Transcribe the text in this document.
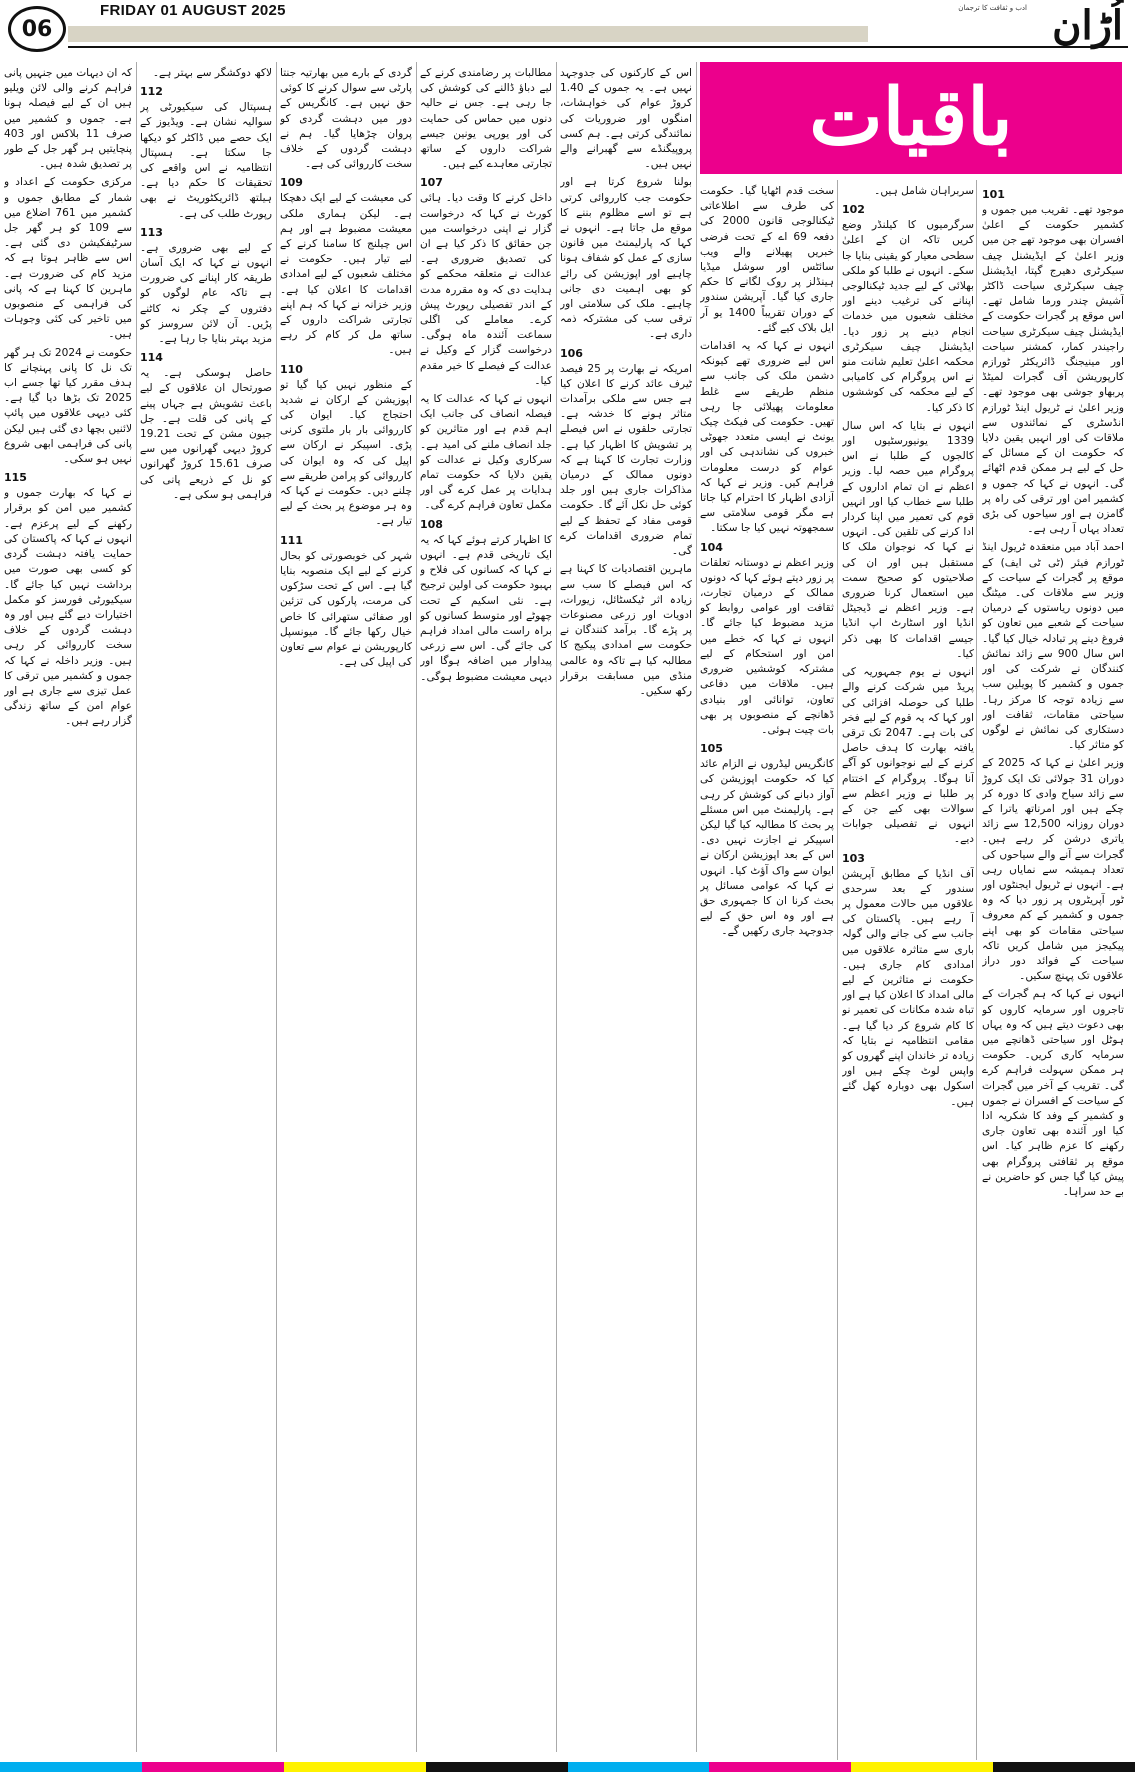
06
FRIDAY 01 AUGUST 2025	ادب و ثقافت کا ترجمان اُڑان
باقیات
101

موجود تھے۔ تقریب میں جموں و کشمیر حکومت کے اعلیٰ افسران بھی موجود تھے جن میں وزیر اعلیٰ کے ایڈیشنل چیف سیکرٹری دھیرج گپتا، ایڈیشنل چیف سیکرٹری سیاحت ڈاکٹر آشیش چندر ورما شامل تھے۔ اس موقع پر گجرات حکومت کے ایڈیشنل چیف سیکرٹری سیاحت راجیندر کمار، کمشنر سیاحت اور مینیجنگ ڈائریکٹر ٹورازم کارپوریشن آف گجرات لمیٹڈ پربھاو جوشی بھی موجود تھے۔ وزیر اعلیٰ نے ٹریول اینڈ ٹورازم انڈسٹری کے نمائندوں سے ملاقات کی اور انہیں یقین دلایا کہ حکومت ان کے مسائل کے حل کے لیے ہر ممکن قدم اٹھائے گی۔ انہوں نے کہا کہ جموں و کشمیر امن اور ترقی کی راہ پر گامزن ہے اور سیاحوں کی بڑی تعداد یہاں آ رہی ہے۔

احمد آباد میں منعقدہ ٹریول اینڈ ٹورازم فیئر (ٹی ٹی ایف) کے موقع پر گجرات کے سیاحت کے وزیر سے ملاقات کی۔ میٹنگ میں دونوں ریاستوں کے درمیان سیاحت کے شعبے میں تعاون کو فروغ دینے پر تبادلہ خیال کیا گیا۔ اس سال 900 سے زائد نمائش کنندگان نے شرکت کی اور جموں و کشمیر کا پویلین سب سے زیادہ توجہ کا مرکز رہا۔ سیاحتی مقامات، ثقافت اور دستکاری کی نمائش نے لوگوں کو متاثر کیا۔

وزیر اعلیٰ نے کہا کہ 2025 کے دوران 31 جولائی تک ایک کروڑ سے زائد سیاح وادی کا دورہ کر چکے ہیں اور امرناتھ یاترا کے دوران روزانہ 12,500 سے زائد یاتری درشن کر رہے ہیں۔ گجرات سے آنے والے سیاحوں کی تعداد ہمیشہ سے نمایاں رہی ہے۔ انہوں نے ٹریول ایجنٹوں اور ٹور آپریٹروں پر زور دیا کہ وہ جموں و کشمیر کے کم معروف سیاحتی مقامات کو بھی اپنے پیکیجز میں شامل کریں تاکہ سیاحت کے فوائد دور دراز علاقوں تک پہنچ سکیں۔

انہوں نے کہا کہ ہم گجرات کے تاجروں اور سرمایہ کاروں کو بھی دعوت دیتے ہیں کہ وہ یہاں ہوٹل اور سیاحتی ڈھانچے میں سرمایہ کاری کریں۔ حکومت ہر ممکن سہولت فراہم کرے گی۔ تقریب کے آخر میں گجرات کے سیاحت کے افسران نے جموں و کشمیر کے وفد کا شکریہ ادا کیا اور آئندہ بھی تعاون جاری رکھنے کا عزم ظاہر کیا۔ اس موقع پر ثقافتی پروگرام بھی پیش کیا گیا جس کو حاضرین نے بے حد سراہا۔

سربراہان شامل ہیں۔

102

سرگرمیوں کا کیلنڈر وضع کریں تاکہ ان کے اعلیٰ سطحی معیار کو یقینی بنایا جا سکے۔ انہوں نے طلبا کو ملکی بھلائی کے لیے جدید ٹیکنالوجی اپنانے کی ترغیب دینے اور مختلف شعبوں میں خدمات انجام دینے پر زور دیا۔ ایڈیشنل چیف سیکرٹری محکمہ اعلیٰ تعلیم شانت منو نے اس پروگرام کی کامیابی کے لیے محکمہ کی کوششوں کا ذکر کیا۔

انہوں نے بتایا کہ اس سال 1339 یونیورسٹیوں اور کالجوں کے طلبا نے اس پروگرام میں حصہ لیا۔ وزیر اعظم نے ان تمام اداروں کے طلبا سے خطاب کیا اور انہیں قوم کی تعمیر میں اپنا کردار ادا کرنے کی تلقین کی۔ انہوں نے کہا کہ نوجوان ملک کا مستقبل ہیں اور ان کی صلاحیتوں کو صحیح سمت میں استعمال کرنا ضروری ہے۔ وزیر اعظم نے ڈیجیٹل انڈیا اور اسٹارٹ اپ انڈیا جیسے اقدامات کا بھی ذکر کیا۔

انہوں نے یوم جمہوریہ کی پریڈ میں شرکت کرنے والے طلبا کی حوصلہ افزائی کی اور کہا کہ یہ قوم کے لیے فخر کی بات ہے۔ 2047 تک ترقی یافتہ بھارت کا ہدف حاصل کرنے کے لیے نوجوانوں کو آگے آنا ہوگا۔ پروگرام کے اختتام پر طلبا نے وزیر اعظم سے سوالات بھی کیے جن کے انہوں نے تفصیلی جوابات دیے۔

103

آف انڈیا کے مطابق آپریشن سندور کے بعد سرحدی علاقوں میں حالات معمول پر آ رہے ہیں۔ پاکستان کی جانب سے کی جانے والی گولہ باری سے متاثرہ علاقوں میں امدادی کام جاری ہیں۔ حکومت نے متاثرین کے لیے مالی امداد کا اعلان کیا ہے اور تباہ شدہ مکانات کی تعمیر نو کا کام شروع کر دیا گیا ہے۔ مقامی انتظامیہ نے بتایا کہ زیادہ تر خاندان اپنے گھروں کو واپس لوٹ چکے ہیں اور اسکول بھی دوبارہ کھل گئے ہیں۔

سخت قدم اٹھایا گیا۔ حکومت کی طرف سے اطلاعاتی ٹیکنالوجی قانون 2000 کی دفعہ 69 اے کے تحت فرضی خبریں پھیلانے والے ویب سائٹس اور سوشل میڈیا ہینڈلز پر روک لگانے کا حکم جاری کیا گیا۔ آپریشن سندور کے دوران تقریباً 1400 یو آر ایل بلاک کیے گئے۔

انہوں نے کہا کہ یہ اقدامات اس لیے ضروری تھے کیونکہ دشمن ملک کی جانب سے منظم طریقے سے غلط معلومات پھیلائی جا رہی تھیں۔ حکومت کی فیکٹ چیک یونٹ نے ایسی متعدد جھوٹی خبروں کی نشاندہی کی اور عوام کو درست معلومات فراہم کیں۔ وزیر نے کہا کہ آزادی اظہار کا احترام کیا جاتا ہے مگر قومی سلامتی سے سمجھوتہ نہیں کیا جا سکتا۔

104

وزیر اعظم نے دوستانہ تعلقات پر زور دیتے ہوئے کہا کہ دونوں ممالک کے درمیان تجارت، ثقافت اور عوامی روابط کو مزید مضبوط کیا جائے گا۔ انہوں نے کہا کہ خطے میں امن اور استحکام کے لیے مشترکہ کوششیں ضروری ہیں۔ ملاقات میں دفاعی تعاون، توانائی اور بنیادی ڈھانچے کے منصوبوں پر بھی بات چیت ہوئی۔

105

کانگریس لیڈروں نے الزام عائد کیا کہ حکومت اپوزیشن کی آواز دبانے کی کوشش کر رہی ہے۔ پارلیمنٹ میں اس مسئلے پر بحث کا مطالبہ کیا گیا لیکن اسپیکر نے اجازت نہیں دی۔ اس کے بعد اپوزیشن ارکان نے ایوان سے واک آؤٹ کیا۔ انہوں نے کہا کہ عوامی مسائل پر بحث کرنا ان کا جمہوری حق ہے اور وہ اس حق کے لیے جدوجہد جاری رکھیں گے۔

اس کے کارکنوں کی جدوجہد نہیں ہے۔ یہ جموں کے 1.40 کروڑ عوام کی خواہشات، امنگوں اور ضروریات کی نمائندگی کرتی ہے۔ ہم کسی پروپیگنڈے سے گھبرانے والے نہیں ہیں۔

بولنا شروع کرتا ہے اور حکومت جب کارروائی کرتی ہے تو اسے مظلوم بننے کا موقع مل جاتا ہے۔ انہوں نے کہا کہ پارلیمنٹ میں قانون سازی کے عمل کو شفاف ہونا چاہیے اور اپوزیشن کی رائے کو بھی اہمیت دی جانی چاہیے۔ ملک کی سلامتی اور ترقی سب کی مشترکہ ذمہ داری ہے۔

106

امریکہ نے بھارت پر 25 فیصد ٹیرف عائد کرنے کا اعلان کیا ہے جس سے ملکی برآمدات متاثر ہونے کا خدشہ ہے۔ تجارتی حلقوں نے اس فیصلے پر تشویش کا اظہار کیا ہے۔ وزارت تجارت کا کہنا ہے کہ دونوں ممالک کے درمیان مذاکرات جاری ہیں اور جلد کوئی حل نکل آئے گا۔ حکومت قومی مفاد کے تحفظ کے لیے تمام ضروری اقدامات کرے گی۔

ماہرین اقتصادیات کا کہنا ہے کہ اس فیصلے کا سب سے زیادہ اثر ٹیکسٹائل، زیورات، ادویات اور زرعی مصنوعات پر پڑے گا۔ برآمد کنندگان نے حکومت سے امدادی پیکیج کا مطالبہ کیا ہے تاکہ وہ عالمی منڈی میں مسابقت برقرار رکھ سکیں۔

مطالبات پر رضامندی کرنے کے لیے دباؤ ڈالنے کی کوشش کی جا رہی ہے۔ جس نے حالیہ دنوں میں حماس کی حمایت کی اور یورپی یونین جیسے شراکت داروں کے ساتھ تجارتی معاہدے کیے ہیں۔

107

داخل کرنے کا وقت دیا۔ ہائی کورٹ نے کہا کہ درخواست گزار نے اپنی درخواست میں جن حقائق کا ذکر کیا ہے ان کی تصدیق ضروری ہے۔ عدالت نے متعلقہ محکمے کو ہدایت دی کہ وہ مقررہ مدت کے اندر تفصیلی رپورٹ پیش کرے۔ معاملے کی اگلی سماعت آئندہ ماہ ہوگی۔ درخواست گزار کے وکیل نے عدالت کے فیصلے کا خیر مقدم کیا۔

انہوں نے کہا کہ عدالت کا یہ فیصلہ انصاف کی جانب ایک اہم قدم ہے اور متاثرین کو جلد انصاف ملنے کی امید ہے۔ سرکاری وکیل نے عدالت کو یقین دلایا کہ حکومت تمام ہدایات پر عمل کرے گی اور مکمل تعاون فراہم کرے گی۔

108

کا اظہار کرتے ہوئے کہا کہ یہ ایک تاریخی قدم ہے۔ انہوں نے کہا کہ کسانوں کی فلاح و بہبود حکومت کی اولین ترجیح ہے۔ نئی اسکیم کے تحت چھوٹے اور متوسط کسانوں کو براہ راست مالی امداد فراہم کی جائے گی۔ اس سے زرعی پیداوار میں اضافہ ہوگا اور دیہی معیشت مضبوط ہوگی۔

گردی کے بارے میں بھارتیہ جنتا پارٹی سے سوال کرنے کا کوئی حق نہیں ہے۔ کانگریس کے دور میں دہشت گردی کو پروان چڑھایا گیا۔ ہم نے دہشت گردوں کے خلاف سخت کارروائی کی ہے۔

109

کی معیشت کے لیے ایک دھچکا ہے۔ لیکن ہماری ملکی معیشت مضبوط ہے اور ہم اس چیلنج کا سامنا کرنے کے لیے تیار ہیں۔ حکومت نے مختلف شعبوں کے لیے امدادی اقدامات کا اعلان کیا ہے۔ وزیر خزانہ نے کہا کہ ہم اپنے تجارتی شراکت داروں کے ساتھ مل کر کام کر رہے ہیں۔

110

کے منظور نہیں کیا گیا تو اپوزیشن کے ارکان نے شدید احتجاج کیا۔ ایوان کی کارروائی بار بار ملتوی کرنی پڑی۔ اسپیکر نے ارکان سے اپیل کی کہ وہ ایوان کی کارروائی کو پرامن طریقے سے چلنے دیں۔ حکومت نے کہا کہ وہ ہر موضوع پر بحث کے لیے تیار ہے۔

111

شہر کی خوبصورتی کو بحال کرنے کے لیے ایک منصوبہ بنایا گیا ہے۔ اس کے تحت سڑکوں کی مرمت، پارکوں کی تزئین اور صفائی ستھرائی کا خاص خیال رکھا جائے گا۔ میونسپل کارپوریشن نے عوام سے تعاون کی اپیل کی ہے۔

لاکھ دوکشگر سے بہتر ہے۔

112

ہسپتال کی سیکیورٹی پر سوالیہ نشان ہے۔ ویڈیوز کے ایک حصے میں ڈاکٹر کو دیکھا جا سکتا ہے۔ ہسپتال انتظامیہ نے اس واقعے کی تحقیقات کا حکم دیا ہے۔ ہیلتھ ڈائریکٹوریٹ نے بھی رپورٹ طلب کی ہے۔

113

کے لیے بھی ضروری ہے۔ انہوں نے کہا کہ ایک آسان طریقہ کار اپنانے کی ضرورت ہے تاکہ عام لوگوں کو دفتروں کے چکر نہ کاٹنے پڑیں۔ آن لائن سروسز کو مزید بہتر بنایا جا رہا ہے۔

114

حاصل ہوسکی ہے۔ یہ صورتحال ان علاقوں کے لیے باعث تشویش ہے جہاں پینے کے پانی کی قلت ہے۔ جل جیون مشن کے تحت 19.21 کروڑ دیہی گھرانوں میں سے صرف 15.61 کروڑ گھرانوں کو نل کے ذریعے پانی کی فراہمی ہو سکی ہے۔

کہ ان دیہات میں جنہیں پانی فراہم کرنے والی لائن ویلیو ہیں ان کے لیے فیصلہ ہونا ہے۔ جموں و کشمیر میں صرف 11 بلاکس اور 403 پنچایتیں ہر گھر جل کے طور پر تصدیق شدہ ہیں۔

مرکزی حکومت کے اعداد و شمار کے مطابق جموں و کشمیر میں 761 اضلاع میں سے 109 کو ہر گھر جل سرٹیفکیشن دی گئی ہے۔ اس سے ظاہر ہوتا ہے کہ مزید کام کی ضرورت ہے۔ ماہرین کا کہنا ہے کہ پانی کی فراہمی کے منصوبوں میں تاخیر کی کئی وجوہات ہیں۔

حکومت نے 2024 تک ہر گھر تک نل کا پانی پہنچانے کا ہدف مقرر کیا تھا جسے اب 2025 تک بڑھا دیا گیا ہے۔ کئی دیہی علاقوں میں پائپ لائنیں بچھا دی گئی ہیں لیکن پانی کی فراہمی ابھی شروع نہیں ہو سکی۔

115

نے کہا کہ بھارت جموں و کشمیر میں امن کو برقرار رکھنے کے لیے پرعزم ہے۔ انہوں نے کہا کہ پاکستان کی حمایت یافتہ دہشت گردی کو کسی بھی صورت میں برداشت نہیں کیا جائے گا۔ سیکیورٹی فورسز کو مکمل اختیارات دیے گئے ہیں اور وہ دہشت گردوں کے خلاف سخت کارروائی کر رہی ہیں۔ وزیر داخلہ نے کہا کہ جموں و کشمیر میں ترقی کا عمل تیزی سے جاری ہے اور عوام امن کے ساتھ زندگی گزار رہے ہیں۔
